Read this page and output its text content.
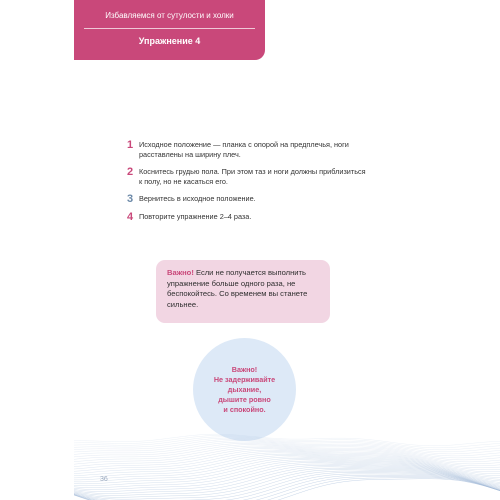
Избавляемся от сутулости и холки
Упражнение 4
1 Исходное положение — планка с опорой на предплечья, ноги расставлены на ширину плеч.
2 Коснитесь грудью пола. При этом таз и ноги должны приблизиться к полу, но не касаться его.
3 Вернитесь в исходное положение.
4 Повторите упражнение 2–4 раза.
Важно! Если не получается выполнить упражнение больше одного раза, не беспокойтесь. Со временем вы станете сильнее.
Важно!
Не задерживайте
дыхание,
дышите ровно
и спокойно.
36
